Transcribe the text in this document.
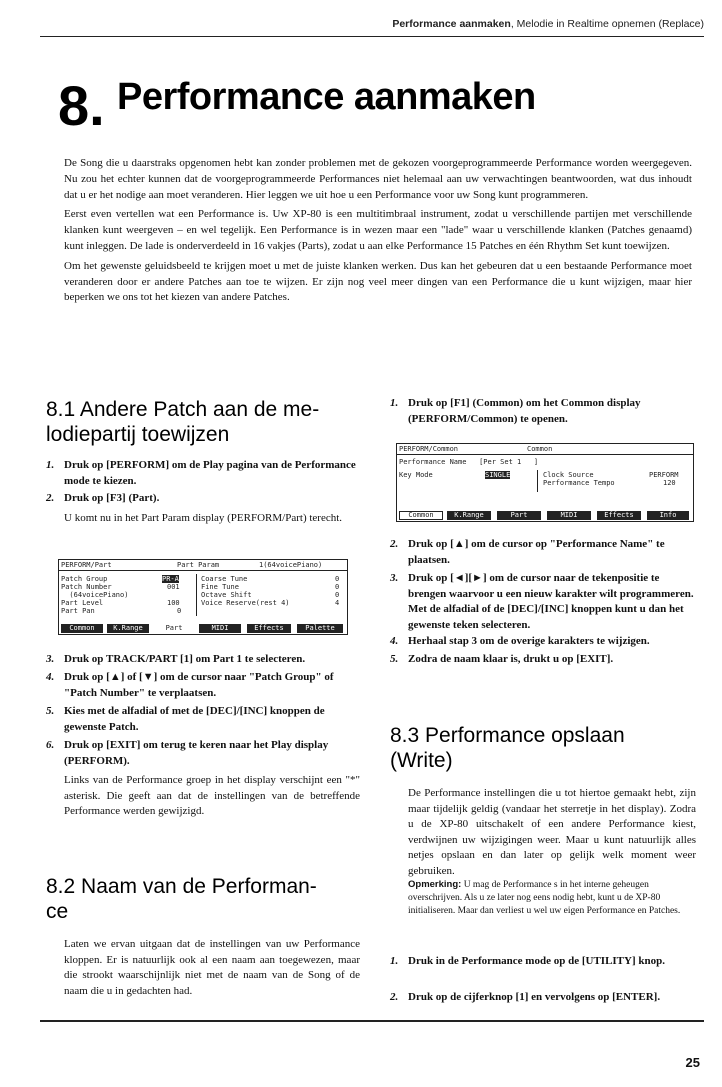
Performance aanmaken, Melodie in Realtime opnemen (Replace)
8. Performance aanmaken

De Song die u daarstraks opgenomen hebt kan zonder problemen met de gekozen voorgeprogrammeerde Performance worden weergegeven. Nu zou het echter kunnen dat de voorgeprogrammeerde Performances niet helemaal aan uw verwachtingen beantwoorden, wat dus inhoudt dat u er het nodige aan moet veranderen. Hier leggen we uit hoe u een Performance voor uw Song kunt programmeren.

Eerst even vertellen wat een Performance is. Uw XP-80 is een multitimbraal instrument, zodat u verschillende partijen met verschillende klanken kunt weergeven – en wel tegelijk. Een Performance is in wezen maar een "lade" waar u verschillende klanken (Patches genaamd) kunt inleggen. De lade is onderverdeeld in 16 vakjes (Parts), zodat u aan elke Performance 15 Patches en één Rhythm Set kunt toewijzen.

Om het gewenste geluidsbeeld te krijgen moet u met de juiste klanken werken. Dus kan het gebeuren dat u een bestaande Performance moet veranderen door er andere Patches aan toe te wijzen. Er zijn nog veel meer dingen van een Performance die u kunt wijzigen, maar hier beperken we ons tot het kiezen van andere Patches.

8.1 Andere Patch aan de me-
lodiepartij toewijzen
1. Druk op [PERFORM] om de Play pagina van de Performance mode te kiezen.
2. Druk op [F3] (Part).
U komt nu in het Part Param display (PERFORM/Part) terecht.
PERFORM/Part	Part Param	1(64voicePiano)
Patch Group	PR-A
Patch Number	001
(64voicePiano)
Part Level	100
Part Pan	0
Coarse Tune	0
Fine Tune	0
Octave Shift	0
Voice Reserve(rest 4)	4
Common	K.Range	Part	MIDI	Effects	Palette
3. Druk op TRACK/PART [1] om Part 1 te selecteren.
4. Druk op [▲] of [▼] om de cursor naar "Patch Group" of "Patch Number" te verplaatsen.
5. Kies met de alfadial of met de [DEC]/[INC] knoppen de gewenste Patch.
6. Druk op [EXIT] om terug te keren naar het Play display (PERFORM).
Links van de Performance groep in het display verschijnt een "*" asterisk. Die geeft aan dat de instellingen van de betreffende Performance werden gewijzigd.
8.2 Naam van de Performan-
ce
Laten we ervan uitgaan dat de instellingen van uw Performance kloppen. Er is natuurlijk ook al een naam aan toegewezen, maar die strookt waarschijnlijk niet met de naam van de Song of de naam die u in gedachten had.
1. Druk op [F1] (Common) om het Common display (PERFORM/Common) te openen.
PERFORM/Common	Common
Performance Name   [Per Set 1   ]
Key Mode	SINGLE	Clock Source	PERFORM
Performance Tempo	120
Common	K.Range	Part	MIDI	Effects	Info
2. Druk op [▲] om de cursor op "Performance Name" te plaatsen.
3. Druk op [◄][►] om de cursor naar de tekenpositie te brengen waarvoor u een nieuw karakter wilt programmeren. Met de alfadial of de [DEC]/[INC] knoppen kunt u dan het gewenste teken selecteren.
4. Herhaal stap 3 om de overige karakters te wijzigen.
5. Zodra de naam klaar is, drukt u op [EXIT].
8.3 Performance opslaan
(Write)
De Performance instellingen die u tot hiertoe gemaakt hebt, zijn maar tijdelijk geldig (vandaar het sterretje in het display). Zodra u de XP-80 uitschakelt of een andere Performance kiest, verdwijnen uw wijzigingen weer. Maar u kunt natuurlijk alles netjes opslaan en dan later op gelijk welk moment weer gebruiken.
Opmerking: U mag de Performance s in het interne geheugen overschrijven. Als u ze later nog eens nodig hebt, kunt u de XP-80 initialiseren. Maar dan verliest u wel uw eigen Performance en Patches.
1. Druk in de Performance mode op de [UTILITY] knop.
2. Druk op de cijferknop [1] en vervolgens op [ENTER].
25
